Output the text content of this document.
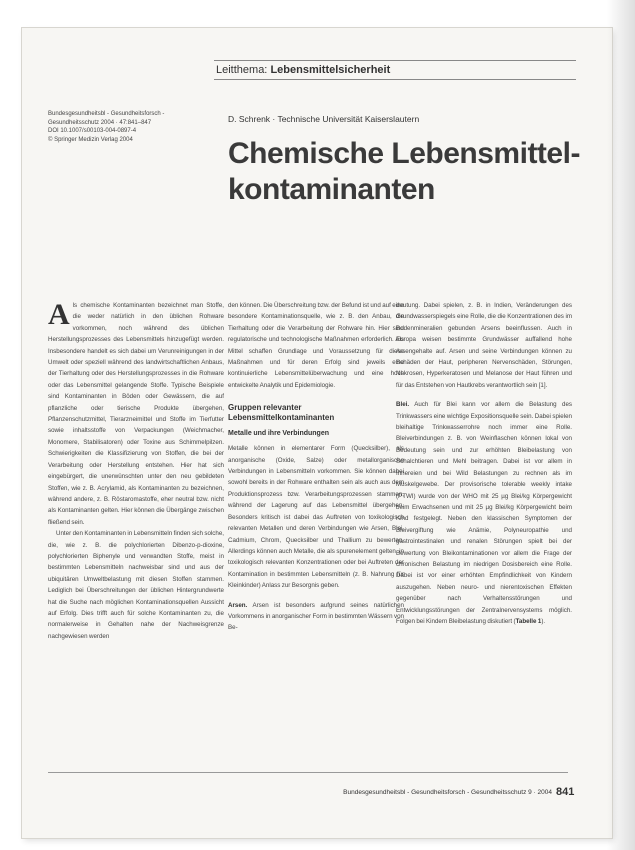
Leitthema: Lebensmittelsicherheit
Bundesgesundheitsbl - Gesundheitsforsch -
Gesundheitsschutz 2004 · 47:841–847
DOI 10.1007/s00103-004-0897-4
© Springer Medizin Verlag 2004
D. Schrenk · Technische Universität Kaiserslautern
Chemische Lebensmittel-
kontaminanten

Als chemische Kontaminanten bezeichnet man Stoffe, die weder natürlich in den üblichen Rohware vorkommen, noch während des üblichen Herstellungsprozesses des Lebensmittels hinzugefügt werden. Insbesondere handelt es sich dabei um Verunreinigungen in der Umwelt oder speziell während des landwirtschaftlichen Anbaus, der Tierhaltung oder des Herstellungsprozesses in die Rohware oder das Lebensmittel gelangende Stoffe. Typische Beispiele sind Kontaminanten in Böden oder Gewässern, die auf pflanzliche oder tierische Produkte übergehen, Pflanzenschutzmittel, Tierarzneimittel und Stoffe im Tierfutter sowie inhaltsstoffe von Verpackungen (Weichmacher, Monomere, Stabilisatoren) oder Toxine aus Schimmelpilzen. Schwierigkeiten die Klassifizierung von Stoffen, die bei der Verarbeitung oder Herstellung entstehen. Hier hat sich eingebürgert, die unerwünschten unter den neu gebildeten Stoffen, wie z. B. Acrylamid, als Kontaminanten zu bezeichnen, während andere, z. B. Röstaromastoffe, eher neutral bzw. nicht als Kontaminanten gelten. Hier können die Übergänge zwischen fließend sein.

Unter den Kontaminanten in Lebensmitteln finden sich solche, die, wie z. B. die polychlorierten Dibenzo-p-dioxine, polychlorierten Biphenyle und verwandten Stoffe, meist in bestimmten Lebensmitteln nachweisbar sind und aus der ubiquitären Umweltbelastung mit diesen Stoffen stammen. Lediglich bei Überschreitungen der üblichen Hintergrundwerte hat die Suche nach möglichen Kontaminationsquellen Aussicht auf Erfolg. Dies trifft auch für solche Kontaminanten zu, die normalerweise in Gehalten nahe der Nachweisgrenze nachgewiesen werden

den können. Die Überschreitung bzw. der Befund ist und auf eine besondere Kontaminationsquelle, wie z. B. den Anbau, die Tierhaltung oder die Verarbeitung der Rohware hin. Hier sind regulatorische und technologische Maßnahmen erforderlich. Als Mittel schaffen Grundlage und Voraussetzung für diese Maßnahmen und für deren Erfolg sind jeweils eine kontinuierliche Lebensmittelüberwachung und eine hoch entwickelte Analytik und Epidemiologie.

Gruppen relevanter
Lebensmittelkontaminanten
Metalle und ihre Verbindungen

Metalle können in elementarer Form (Quecksilber), als anorganische (Oxide, Salze) oder metallorganische Verbindungen in Lebensmitteln vorkommen. Sie können dabei sowohl bereits in der Rohware enthalten sein als auch aus dem Produktionsprozess bzw. Verarbeitungsprozessen stammen, während der Lagerung auf das Lebensmittel übergehen. Besonders kritisch ist dabei das Auftreten von toxikologisch relevanten Metallen und deren Verbindungen wie Arsen, Blei, Cadmium, Chrom, Quecksilber und Thallium zu bewerten. Allerdings können auch Metalle, die als spurenelement gelten, in toxikologisch relevanten Konzentrationen oder bei Auftreten der Kontamination in bestimmten Lebensmitteln (z. B. Nahrung für Kleinkinder) Anlass zur Besorgnis geben.

Arsen. Arsen ist besonders aufgrund seines natürlichen Vorkommens in anorganischer Form in bestimmten Wässern von Be-

deutung. Dabei spielen, z. B. in Indien, Veränderungen des Grundwasserspiegels eine Rolle, die die Konzentrationen des im Bodenmineralien gebunden Arsens beeinflussen. Auch in Europa weisen bestimmte Grundwässer auffallend hohe Arsengehalte auf. Arsen und seine Verbindungen können zu Schäden der Haut, peripheren Nervenschäden, Störungen, Nekrosen, Hyperkeratosen und Melanose der Haut führen und für das Entstehen von Hautkrebs verantwortlich sein [1].

Blei. Auch für Blei kann vor allem die Belastung des Trinkwassers eine wichtige Expositionsquelle sein. Dabei spielen bleihaltige Trinkwasserrohre noch immer eine Rolle. Bleiverbindungen z. B. von Weinflaschen können lokal von Bedeutung sein und zur erhöhten Bleibelastung von Schalchtieren und Mehl beitragen. Dabei ist vor allem in Innereien und bei Wild Belastungen zu rechnen als im Muskelgewebe. Der provisorische tolerable weekly intake (PTWI) wurde von der WHO mit 25 µg Blei/kg Körpergewicht beim Erwachsenen und mit 25 µg Blei/kg Körpergewicht beim Kind festgelegt. Neben den klassischen Symptomen der Bleivergiftung wie Anämie, Polyneuropathie und gastrointestinalen und renalen Störungen spielt bei der Bewertung von Bleikontaminationen vor allem die Frage der chronischen Belastung im niedrigen Dosisbereich eine Rolle. Dabei ist vor einer erhöhten Empfindlichkeit von Kindern auszugehen. Neben neuro- und nierentoxischen Effekten gegenüber nach Verhaltensstörungen und Entwicklungsstörungen der Zentralnervensystems möglich. Folgen bei Kindern Bleibelastung diskutiert (Tabelle 1).

Bundesgesundheitsbl - Gesundheitsforsch - Gesundheitsschutz 9 · 2004 841
